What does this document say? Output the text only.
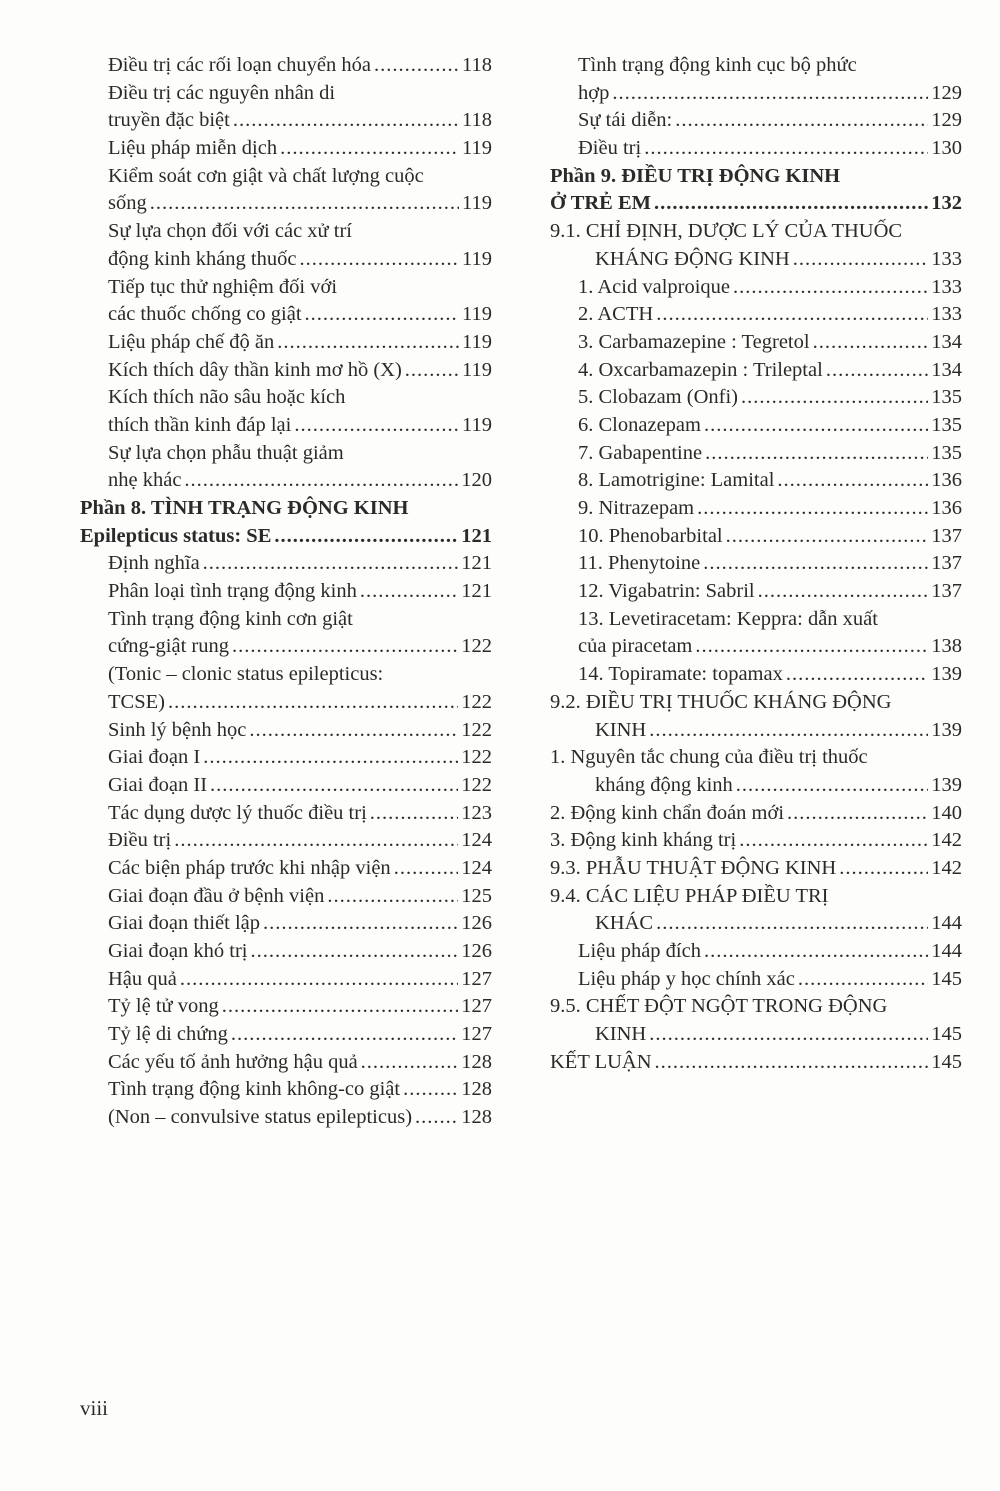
Điều trị các rối loạn chuyển hóa .....	118
Điều trị các nguyên nhân di
truyền đặc biệt .....	118
Liệu pháp miễn dịch .....	119
Kiểm soát cơn giật và chất lượng cuộc
sống .....	119
Sự lựa chọn đối với các xử trí
động kinh kháng thuốc .....	119
Tiếp tục thử nghiệm đối với
các thuốc chống co giật .....	119
Liệu pháp chế độ ăn .....	119
Kích thích dây thần kinh mơ hồ (X) .....	119
Kích thích não sâu hoặc kích
thích thần kinh đáp lại .....	119
Sự lựa chọn phẫu thuật giảm
nhẹ khác .....	120
Phần 8. TÌNH TRẠNG ĐỘNG KINH
Epilepticus status: SE .....	121
Định nghĩa .....	121
Phân loại tình trạng động kinh .....	121
Tình trạng động kinh cơn giật
cứng-giật rung .....	122
(Tonic – clonic status epilepticus:
TCSE) .....	122
Sinh lý bệnh học .....	122
Giai đoạn I .....	122
Giai đoạn II .....	122
Tác dụng dược lý thuốc điều trị .....	123
Điều trị .....	124
Các biện pháp trước khi nhập viện .....	124
Giai đoạn đầu ở bệnh viện .....	125
Giai đoạn thiết lập .....	126
Giai đoạn khó trị .....	126
Hậu quả .....	127
Tỷ lệ tử vong .....	127
Tỷ lệ di chứng .....	127
Các yếu tố ảnh hưởng hậu quả .....	128
Tình trạng động kinh không-co giật .....	128
(Non – convulsive status epilepticus) ..... 128
Tình trạng động kinh cục bộ phức
hợp .....	129
Sự tái diễn: .....	129
Điều trị .....	130
Phần 9. ĐIỀU TRỊ ĐỘNG KINH
Ở TRẺ EM .....	132
9.1. CHỈ ĐỊNH, DƯỢC LÝ CỦA THUỐC
KHÁNG ĐỘNG KINH .....	133
1. Acid valproique .....	133
2. ACTH .....	133
3. Carbamazepine : Tegretol .....	134
4. Oxcarbamazepin : Trileptal .....	134
5. Clobazam (Onfi) .....	135
6. Clonazepam .....	135
7. Gabapentine .....	135
8. Lamotrigine: Lamital .....	136
9. Nitrazepam .....	136
10. Phenobarbital .....	137
11. Phenytoine .....	137
12. Vigabatrin: Sabril .....	137
13. Levetiracetam: Keppra: dẫn xuất
của piracetam .....	138
14. Topiramate: topamax .....	139
9.2. ĐIỀU TRỊ THUỐC KHÁNG ĐỘNG
KINH .....	139
1. Nguyên tắc chung của điều trị thuốc
kháng động kinh .....	139
2. Động kinh chẩn đoán mới .....	140
3. Động kinh kháng trị .....	142
9.3. PHẪU THUẬT ĐỘNG KINH .....	142
9.4. CÁC LIỆU PHÁP ĐIỀU TRỊ
KHÁC .....	144
Liệu pháp đích .....	144
Liệu pháp y học chính xác .....	145
9.5. CHẾT ĐỘT NGỘT TRONG ĐỘNG
KINH .....	145
KẾT LUẬN .....	145
viii
